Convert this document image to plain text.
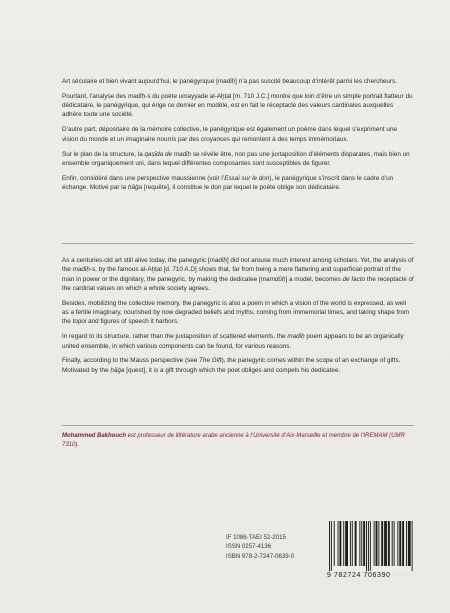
Art séculaire et bien vivant aujourd’hui, le panégyrique [madīḥ] n’a pas suscité beaucoup d’intérêt parmi les chercheurs.

Pourtant, l’analyse des madīḥ-s du poète umayyade al-Aḫṭal [m. 710 J.C.] montre que loin d’être un simple portrait flatteur du dédicataire, le panégyrique, qui érige ce dernier en modèle, est en fait le réceptacle des valeurs cardinales auxquelles adhère toute une société.

D’autre part, dépositaire de la mémoire collective, le panégyrique est également un poème dans lequel s’expriment une vision du monde et un imaginaire nourris par des croyances qui remontent à des temps immémoriaux.

Sur le plan de la structure, la qaṣīda de madīḥ se révèle être, non pas une juxtaposition d’éléments disparates, mais bien un ensemble organiquement uni, dans lequel différentes composantes sont susceptibles de figurer.

Enfin, considéré dans une perspective maussienne (voir l’Essai sur le don), le panégyrique s’inscrit dans le cadre d’un échange. Motivé par la ḥāǧa [requête], il constitue le don par lequel le poète oblige son dédicataire.

As a centuries-old art still alive today, the panegyric [madīḥ] did not arouse much interest among scholars. Yet, the analysis of the madīḥ-s, by the famous al-Aḫṭal [d. 710 A.D] shows that, far from being a mere flattering and superficial portrait of the man in power or the dignitary, the panegyric, by making the dedicatee [mamdūḥ] a model, becomes de facto the receptacle of the cardinal values on which a whole society agrees.

Besides, mobilizing the collective memory, the panegyric is also a poem in which a vision of the world is expressed, as well as a fertile imaginary, nourished by now degraded beliefs and myths, coming from immemorial times, and taking shape from the topoi and figures of speech it harbors.

In regard to its structure, rather than the juxtaposition of scattered elements, the madīḥ poem appears to be an organically united ensemble, in which various components can be found, for various reasons.

Finally, according to the Mauss perspective (see The Gift), the panegyric comes within the scope of an exchange of gifts. Motivated by the ḥāǧa [quest], it is a gift through which the poet obliges and compels his dedicatee.

Mohammed Bakhouch est professeur de littérature arabe ancienne à l’Université d’Aix-Marseille et membre de l’IREMAM (UMR 7310).
IF 1086-TAEI 52-2015
ISSN 0257-4136
ISBN 978-2-7247-0639-0
9 782724 706390
